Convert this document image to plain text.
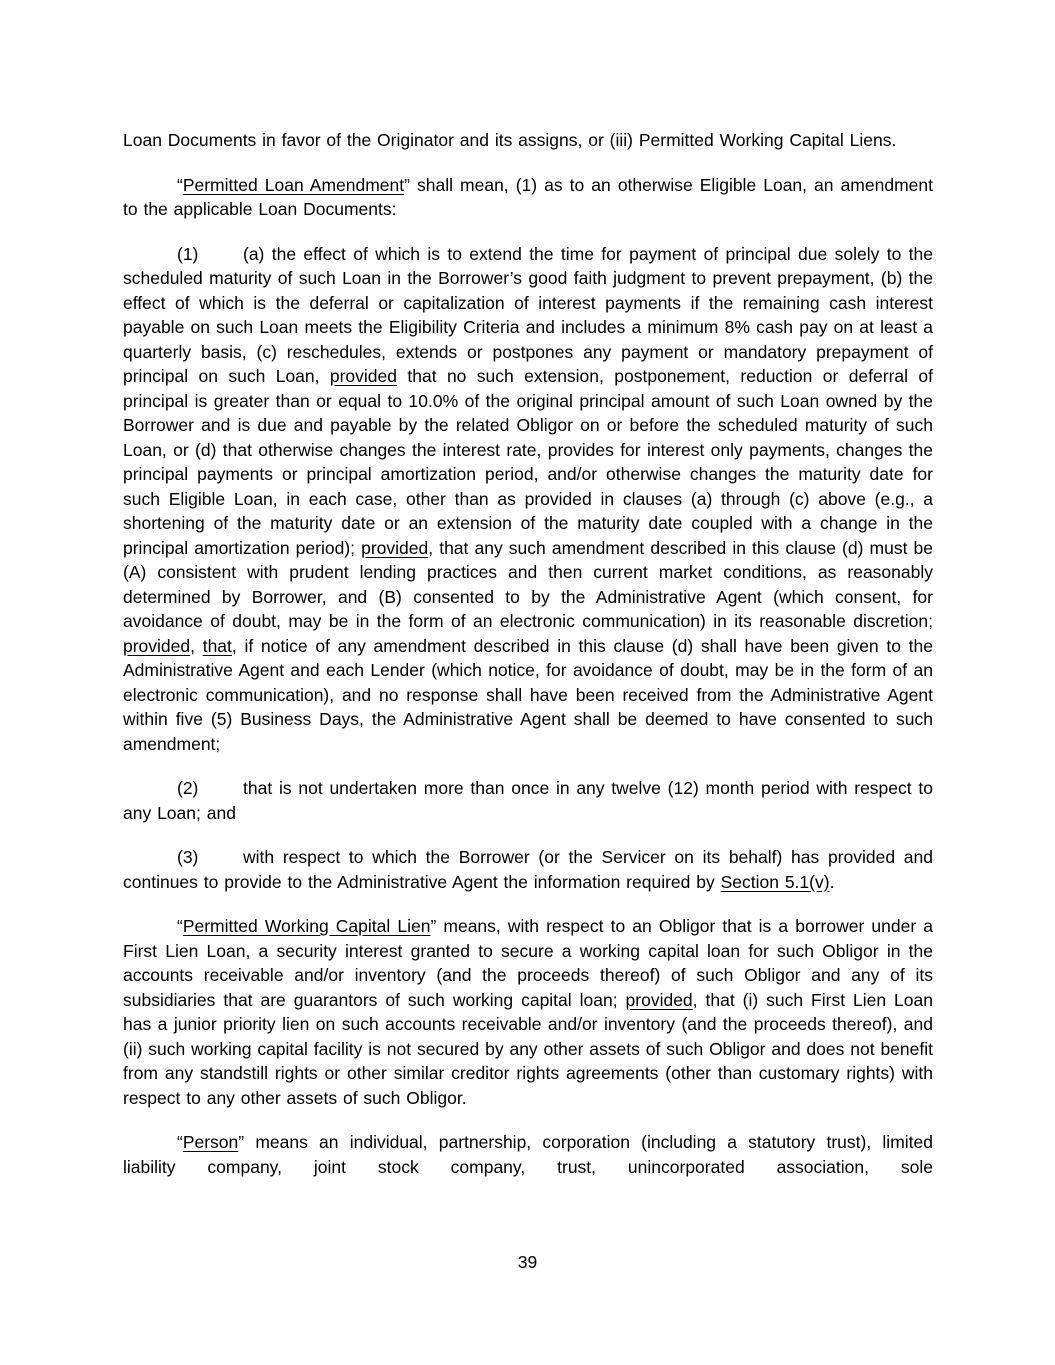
Loan Documents in favor of the Originator and its assigns, or (iii) Permitted Working Capital Liens.

“Permitted Loan Amendment” shall mean, (1) as to an otherwise Eligible Loan, an amendment to the applicable Loan Documents:

(1)	(a) the effect of which is to extend the time for payment of principal due solely to the scheduled maturity of such Loan in the Borrower’s good faith judgment to prevent prepayment, (b) the effect of which is the deferral or capitalization of interest payments if the remaining cash interest payable on such Loan meets the Eligibility Criteria and includes a minimum 8% cash pay on at least a quarterly basis, (c) reschedules, extends or postpones any payment or mandatory prepayment of principal on such Loan, provided that no such extension, postponement, reduction or deferral of principal is greater than or equal to 10.0% of the original principal amount of such Loan owned by the Borrower and is due and payable by the related Obligor on or before the scheduled maturity of such Loan, or (d) that otherwise changes the interest rate, provides for interest only payments, changes the principal payments or principal amortization period, and/or otherwise changes the maturity date for such Eligible Loan, in each case, other than as provided in clauses (a) through (c) above (e.g., a shortening of the maturity date or an extension of the maturity date coupled with a change in the principal amortization period); provided, that any such amendment described in this clause (d) must be (A) consistent with prudent lending practices and then current market conditions, as reasonably determined by Borrower, and (B) consented to by the Administrative Agent (which consent, for avoidance of doubt, may be in the form of an electronic communication) in its reasonable discretion; provided, that, if notice of any amendment described in this clause (d) shall have been given to the Administrative Agent and each Lender (which notice, for avoidance of doubt, may be in the form of an electronic communication), and no response shall have been received from the Administrative Agent within five (5) Business Days, the Administrative Agent shall be deemed to have consented to such amendment;

(2)	that is not undertaken more than once in any twelve (12) month period with respect to any Loan; and

(3)	with respect to which the Borrower (or the Servicer on its behalf) has provided and continues to provide to the Administrative Agent the information required by Section 5.1(v).

“Permitted Working Capital Lien” means, with respect to an Obligor that is a borrower under a First Lien Loan, a security interest granted to secure a working capital loan for such Obligor in the accounts receivable and/or inventory (and the proceeds thereof) of such Obligor and any of its subsidiaries that are guarantors of such working capital loan; provided, that (i) such First Lien Loan has a junior priority lien on such accounts receivable and/or inventory (and the proceeds thereof), and (ii) such working capital facility is not secured by any other assets of such Obligor and does not benefit from any standstill rights or other similar creditor rights agreements (other than customary rights) with respect to any other assets of such Obligor.

“Person” means an individual, partnership, corporation (including a statutory trust), limited liability company, joint stock company, trust, unincorporated association, sole

39
